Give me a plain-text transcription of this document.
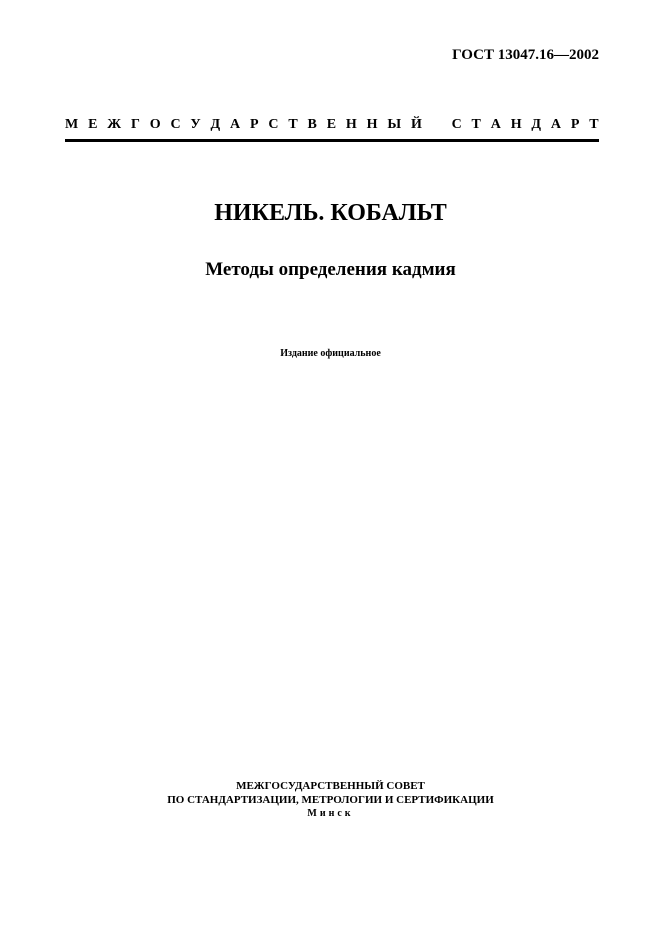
ГОСТ 13047.16—2002
М Е Ж Г О С У Д А Р С Т В Е Н Н Ы Й С Т А Н Д А Р Т
НИКЕЛЬ. КОБАЛЬТ
Методы определения кадмия
Издание официальное
МЕЖГОСУДАРСТВЕННЫЙ СОВЕТ
ПО СТАНДАРТИЗАЦИИ, МЕТРОЛОГИИ И СЕРТИФИКАЦИИ
Минск
